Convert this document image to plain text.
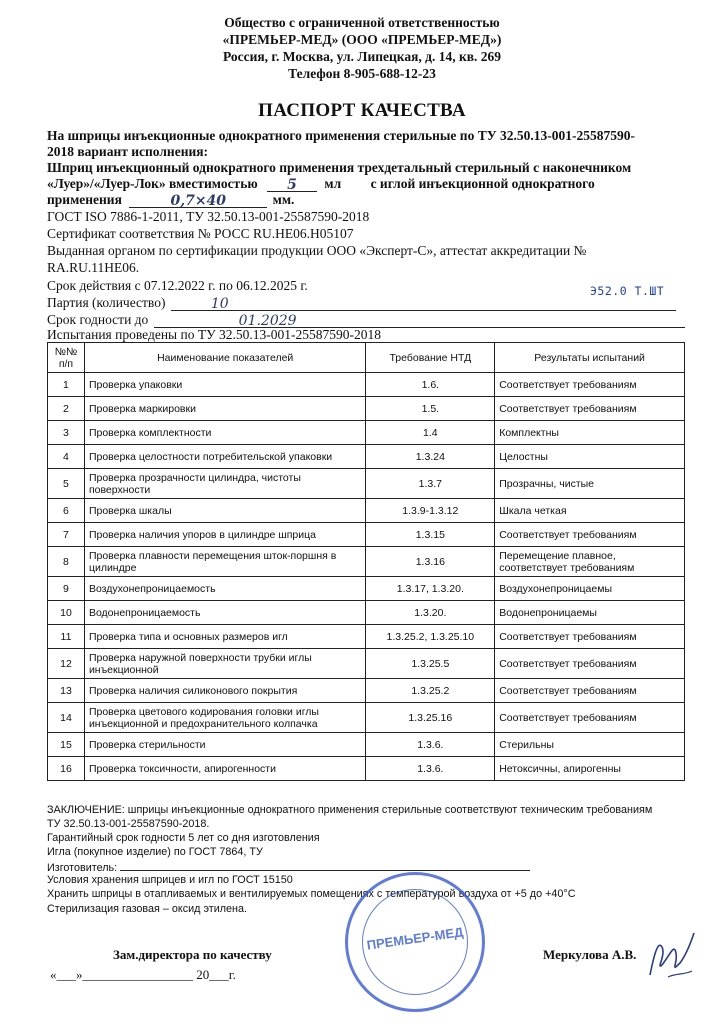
Общество с ограниченной ответственностью
«ПРЕМЬЕР-МЕД» (ООО «ПРЕМЬЕР-МЕД»)
Россия, г. Москва, ул. Липецкая, д. 14, кв. 269
Телефон 8-905-688-12-23
ПАСПОРТ КАЧЕСТВА
На шприцы инъекционные однократного применения стерильные по ТУ 32.50.13-001-25587590-
2018 вариант исполнения:
Шприц инъекционный однократного применения трехдетальный стерильный с наконечником
«Луер»/«Луер-Лок» вместимостью 5 мл с иглой инъекционной однократного
применения	0,7×40	мм.
ГОСТ ISO 7886-1-2011, ТУ 32.50.13-001-25587590-2018
Сертификат соответствия № РОСС RU.HE06.H05107
Выданная органом по сертификации продукции ООО «Эксперт-С», аттестат аккредитации №
RA.RU.11HE06.
Срок действия с 07.12.2022 г. по 06.12.2025 г.	Э52.0 Т.ШТ
Партия (количество)	10
Срок годности до	01.2029
Испытания проведены по ТУ 32.50.13-001-25587590-2018
№№ п/п	Наименование показателей	Требование НТД	Результаты испытаний
1	Проверка упаковки	1.6.	Соответствует требованиям
2	Проверка маркировки	1.5.	Соответствует требованиям
3	Проверка комплектности	1.4	Комплектны
4	Проверка целостности потребительской упаковки	1.3.24	Целостны
5	Проверка прозрачности цилиндра, чистоты поверхности	1.3.7	Прозрачны, чистые
6	Проверка шкалы	1.3.9-1.3.12	Шкала четкая
7	Проверка наличия упоров в цилиндре шприца	1.3.15	Соответствует требованиям
8	Проверка плавности перемещения шток-поршня в цилиндре	1.3.16	Перемещение плавное, соответствует требованиям
9	Воздухонепроницаемость	1.3.17, 1.3.20.	Воздухонепроницаемы
10	Водонепроницаемость	1.3.20.	Водонепроницаемы
11	Проверка типа и основных размеров игл	1.3.25.2, 1.3.25.10	Соответствует требованиям
12	Проверка наружной поверхности трубки иглы инъекционной	1.3.25.5	Соответствует требованиям
13	Проверка наличия силиконового покрытия	1.3.25.2	Соответствует требованиям
14	Проверка цветового кодирования головки иглы инъекционной и предохранительного колпачка	1.3.25.16	Соответствует требованиям
15	Проверка стерильности	1.3.6.	Стерильны
16	Проверка токсичности, апирогенности	1.3.6.	Нетоксичны, апирогенны
ЗАКЛЮЧЕНИЕ: шприцы инъекционные однократного применения стерильные соответствуют техническим требованиям
ТУ 32.50.13-001-25587590-2018.
Гарантийный срок годности 5 лет со дня изготовления
Игла (покупное изделие) по ГОСТ 7864, ТУ
Изготовитель:
Условия хранения шприцев и игл по ГОСТ 15150
Хранить шприцы в отапливаемых и вентилируемых помещениях с температурой воздуха от +5 до +40°С
Стерилизация газовая – оксид этилена.
ПРЕМЬЕР-МЕД
Зам.директора по качеству	Меркулова А.В.
«___»_________________ 20___г.
